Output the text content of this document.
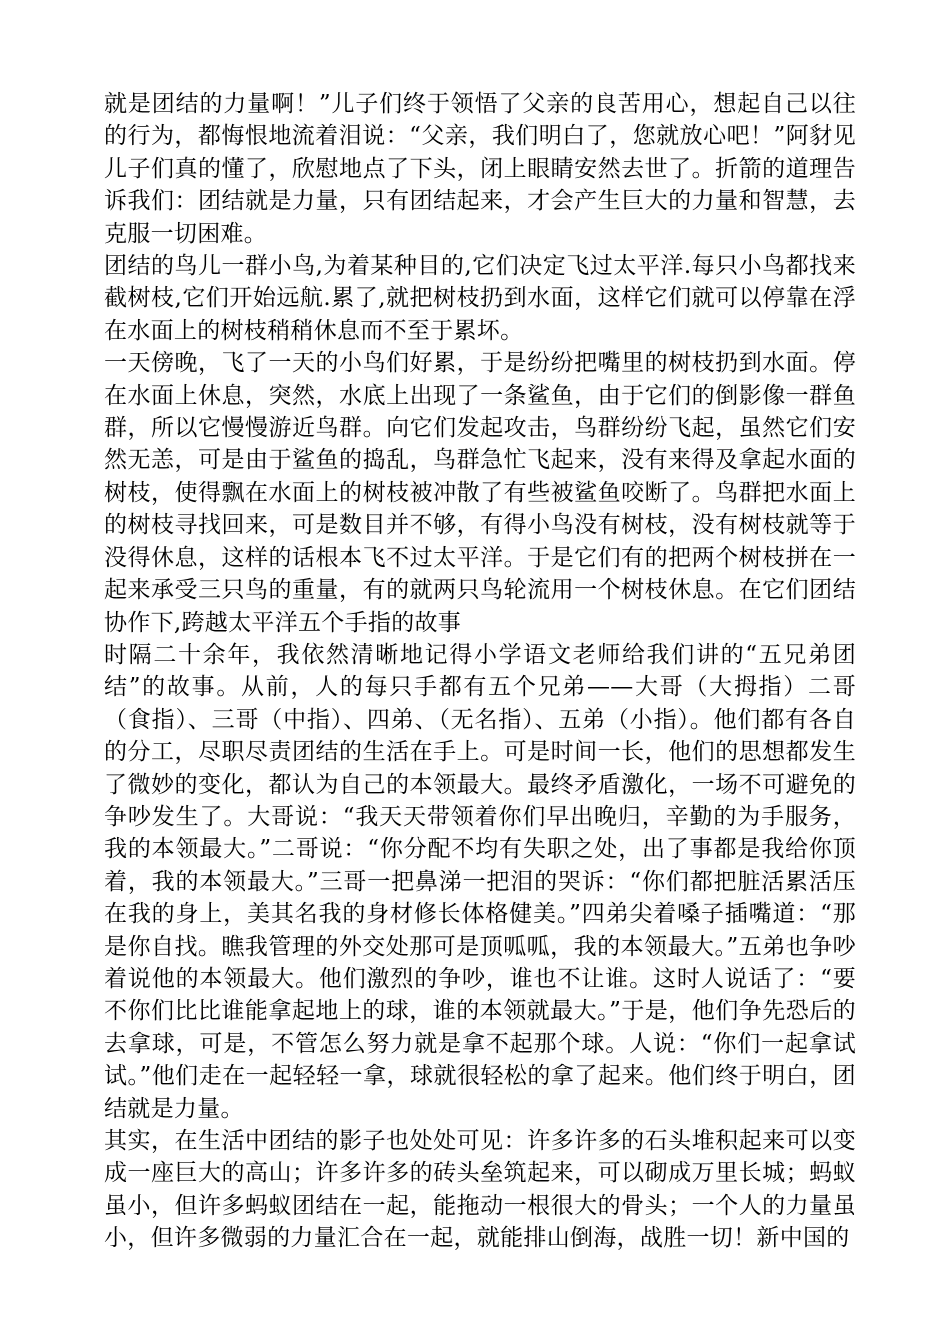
就是团结的力量啊！”儿子们终于领悟了父亲的良苦用心，想起自己以往的行为，都悔恨地流着泪说：“父亲，我们明白了，您就放心吧！”阿豺见儿子们真的懂了，欣慰地点了下头，闭上眼睛安然去世了。折箭的道理告诉我们：团结就是力量，只有团结起来，才会产生巨大的力量和智慧，去克服一切困难。

团结的鸟儿一群小鸟,为着某种目的,它们决定飞过太平洋.每只小鸟都找来截树枝,它们开始远航.累了,就把树枝扔到水面，这样它们就可以停靠在浮在水面上的树枝稍稍休息而不至于累坏。

一天傍晚，飞了一天的小鸟们好累，于是纷纷把嘴里的树枝扔到水面。停在水面上休息，突然，水底上出现了一条鲨鱼，由于它们的倒影像一群鱼群，所以它慢慢游近鸟群。向它们发起攻击，鸟群纷纷飞起，虽然它们安然无恙，可是由于鲨鱼的捣乱，鸟群急忙飞起来，没有来得及拿起水面的树枝，使得飘在水面上的树枝被冲散了有些被鲨鱼咬断了。鸟群把水面上的树枝寻找回来，可是数目并不够，有得小鸟没有树枝，没有树枝就等于没得休息，这样的话根本飞不过太平洋。于是它们有的把两个树枝拼在一起来承受三只鸟的重量，有的就两只鸟轮流用一个树枝休息。在它们团结协作下,跨越太平洋五个手指的故事

时隔二十余年，我依然清晰地记得小学语文老师给我们讲的“五兄弟团结”的故事。从前，人的每只手都有五个兄弟——大哥（大拇指）二哥（食指）、三哥（中指）、四弟、（无名指）、五弟（小指）。他们都有各自的分工，尽职尽责团结的生活在手上。可是时间一长，他们的思想都发生了微妙的变化，都认为自己的本领最大。最终矛盾激化，一场不可避免的争吵发生了。大哥说：“我天天带领着你们早出晚归，辛勤的为手服务，我的本领最大。”二哥说：“你分配不均有失职之处，出了事都是我给你顶着，我的本领最大。”三哥一把鼻涕一把泪的哭诉：“你们都把脏活累活压在我的身上，美其名我的身材修长体格健美。”四弟尖着嗓子插嘴道：“那是你自找。瞧我管理的外交处那可是顶呱呱，我的本领最大。”五弟也争吵着说他的本领最大。他们激烈的争吵，谁也不让谁。这时人说话了：“要不你们比比谁能拿起地上的球，谁的本领就最大。”于是，他们争先恐后的去拿球，可是，不管怎么努力就是拿不起那个球。人说：“你们一起拿试试。”他们走在一起轻轻一拿，球就很轻松的拿了起来。他们终于明白，团结就是力量。

其实，在生活中团结的影子也处处可见：许多许多的石头堆积起来可以变成一座巨大的高山；许多许多的砖头垒筑起来，可以砌成万里长城；蚂蚁虽小，但许多蚂蚁团结在一起，能拖动一根很大的骨头；一个人的力量虽小，但许多微弱的力量汇合在一起，就能排山倒海，战胜一切！新中国的
